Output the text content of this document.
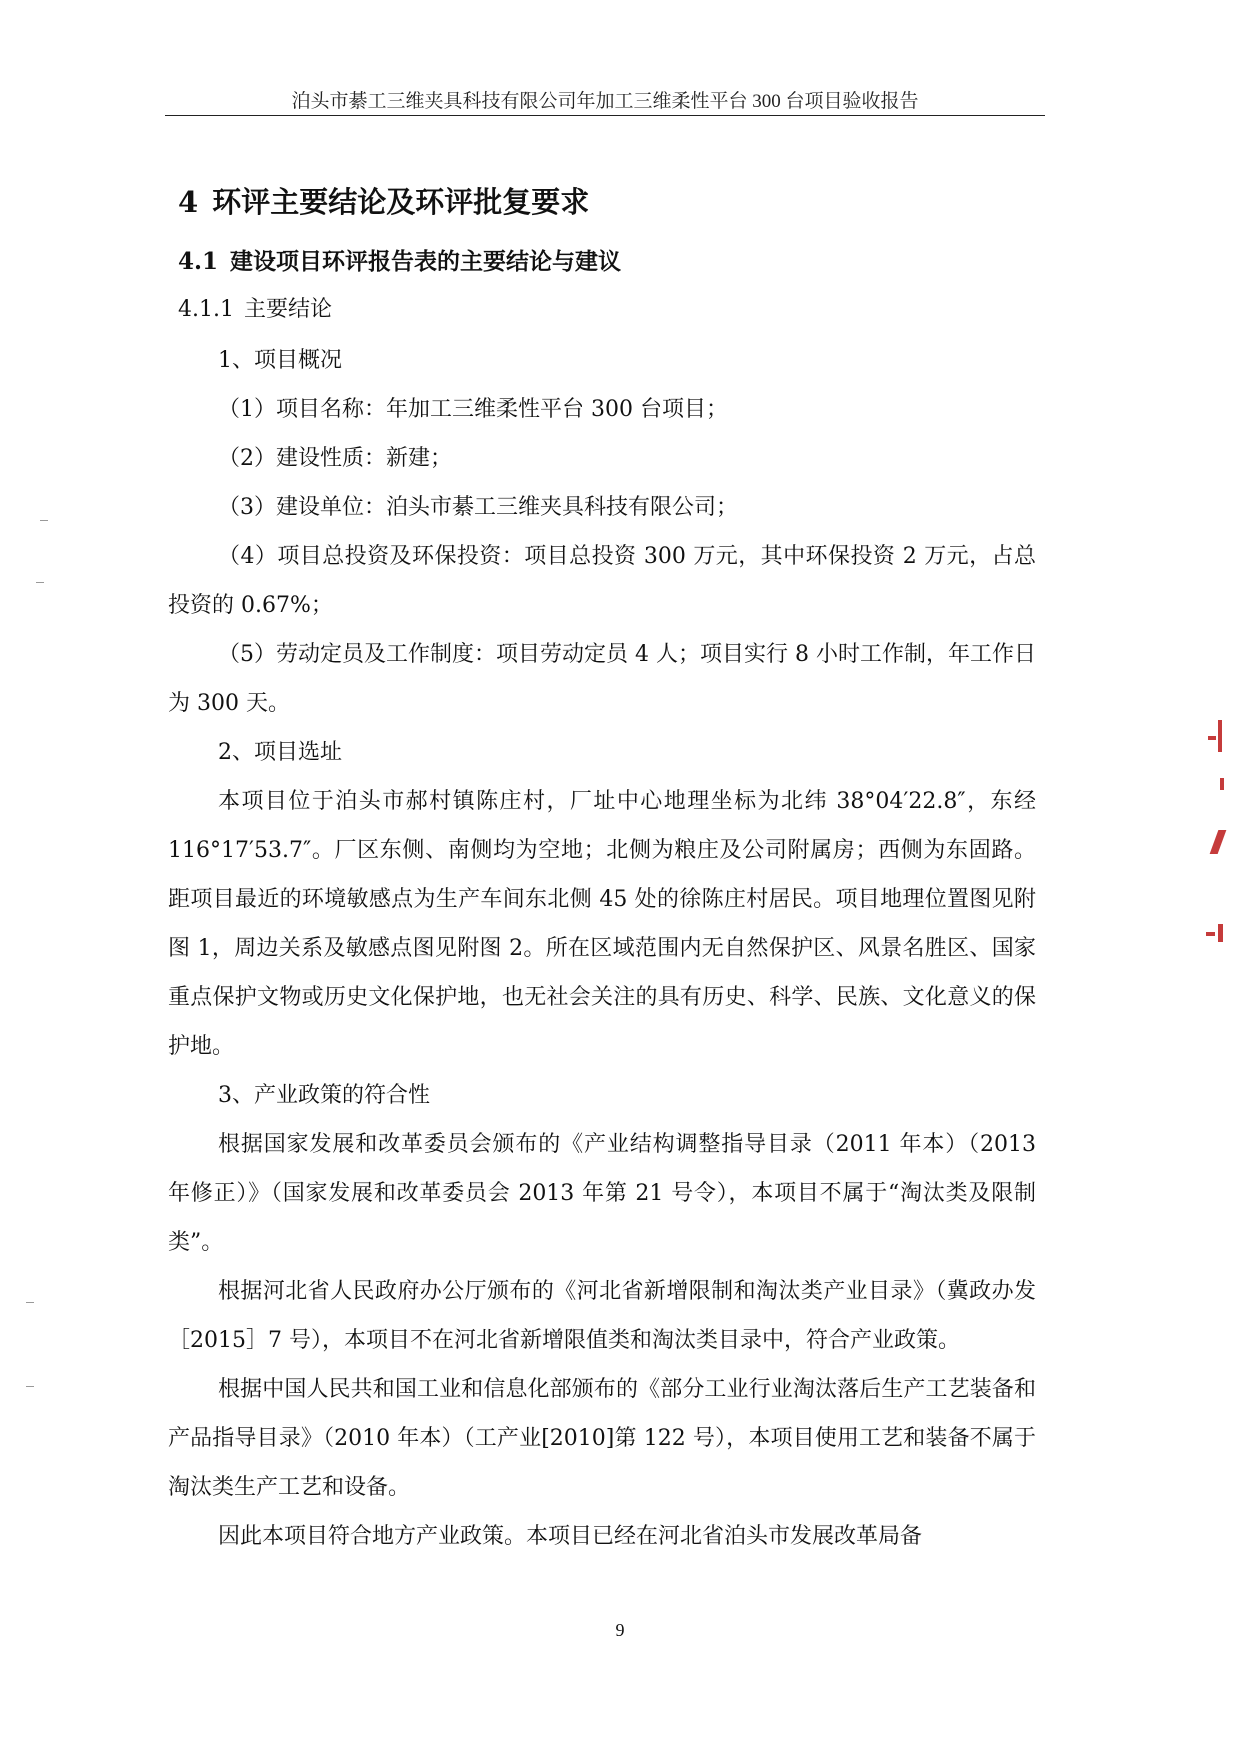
泊头市綦工三维夹具科技有限公司年加工三维柔性平台 300 台项目验收报告
4 环评主要结论及环评批复要求
4.1 建设项目环评报告表的主要结论与建议
4.1.1 主要结论

1、项目概况

（1）项目名称：年加工三维柔性平台 300 台项目；

（2）建设性质：新建；

（3）建设单位：泊头市綦工三维夹具科技有限公司；

（4）项目总投资及环保投资：项目总投资 300 万元，其中环保投资 2 万元，占总投资的 0.67%；

（5）劳动定员及工作制度：项目劳动定员 4 人；项目实行 8 小时工作制，年工作日为 300 天。

2、项目选址

本项目位于泊头市郝村镇陈庄村，厂址中心地理坐标为北纬 38°04′22.8″，东经 116°17′53.7″。厂区东侧、南侧均为空地；北侧为粮庄及公司附属房；西侧为东固路。距项目最近的环境敏感点为生产车间东北侧 45 处的徐陈庄村居民。项目地理位置图见附图 1，周边关系及敏感点图见附图 2。所在区域范围内无自然保护区、风景名胜区、国家重点保护文物或历史文化保护地，也无社会关注的具有历史、科学、民族、文化意义的保护地。

3、产业政策的符合性

根据国家发展和改革委员会颁布的《产业结构调整指导目录（2011 年本）（2013 年修正）》（国家发展和改革委员会 2013 年第 21 号令），本项目不属于“淘汰类及限制类”。

根据河北省人民政府办公厅颁布的《河北省新增限制和淘汰类产业目录》（冀政办发［2015］7 号），本项目不在河北省新增限值类和淘汰类目录中，符合产业政策。

根据中国人民共和国工业和信息化部颁布的《部分工业行业淘汰落后生产工艺装备和产品指导目录》（2010 年本）（工产业[2010]第 122 号），本项目使用工艺和装备不属于淘汰类生产工艺和设备。

因此本项目符合地方产业政策。本项目已经在河北省泊头市发展改革局备

9
